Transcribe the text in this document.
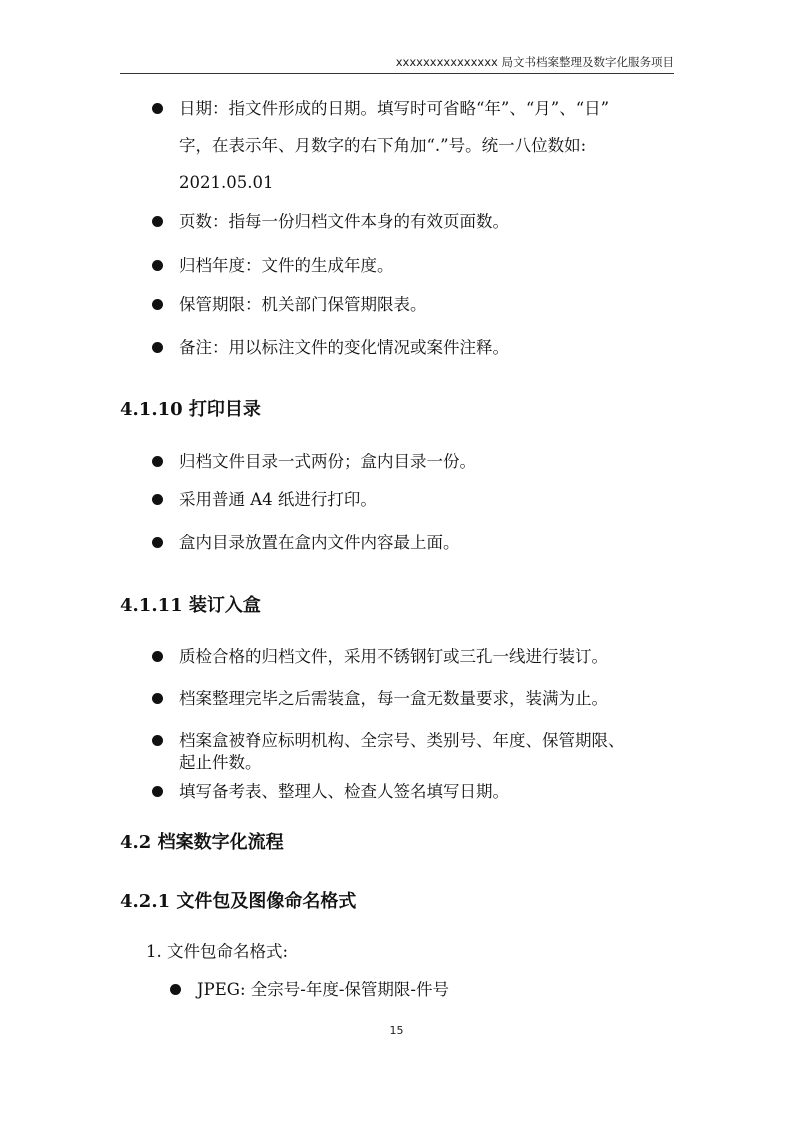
xxxxxxxxxxxxxxx 局文书档案整理及数字化服务项目
日期：指文件形成的日期。填写时可省略“年”、“月”、“日”
字，在表示年、月数字的右下角加“.”号。统一八位数如:
2021.05.01
页数：指每一份归档文件本身的有效页面数。
归档年度：文件的生成年度。
保管期限：机关部门保管期限表。
备注：用以标注文件的变化情况或案件注释。
4.1.10 打印目录
归档文件目录一式两份；盒内目录一份。
采用普通 A4 纸进行打印。
盒内目录放置在盒内文件内容最上面。
4.1.11 装订入盒
质检合格的归档文件，采用不锈钢钉或三孔一线进行装订。
档案整理完毕之后需装盒，每一盒无数量要求，装满为止。
档案盒被脊应标明机构、全宗号、类别号、年度、保管期限、
起止件数。
填写备考表、整理人、检查人签名填写日期。
4.2 档案数字化流程
4.2.1 文件包及图像命名格式
1. 文件包命名格式:
JPEG: 全宗号-年度-保管期限-件号
15
